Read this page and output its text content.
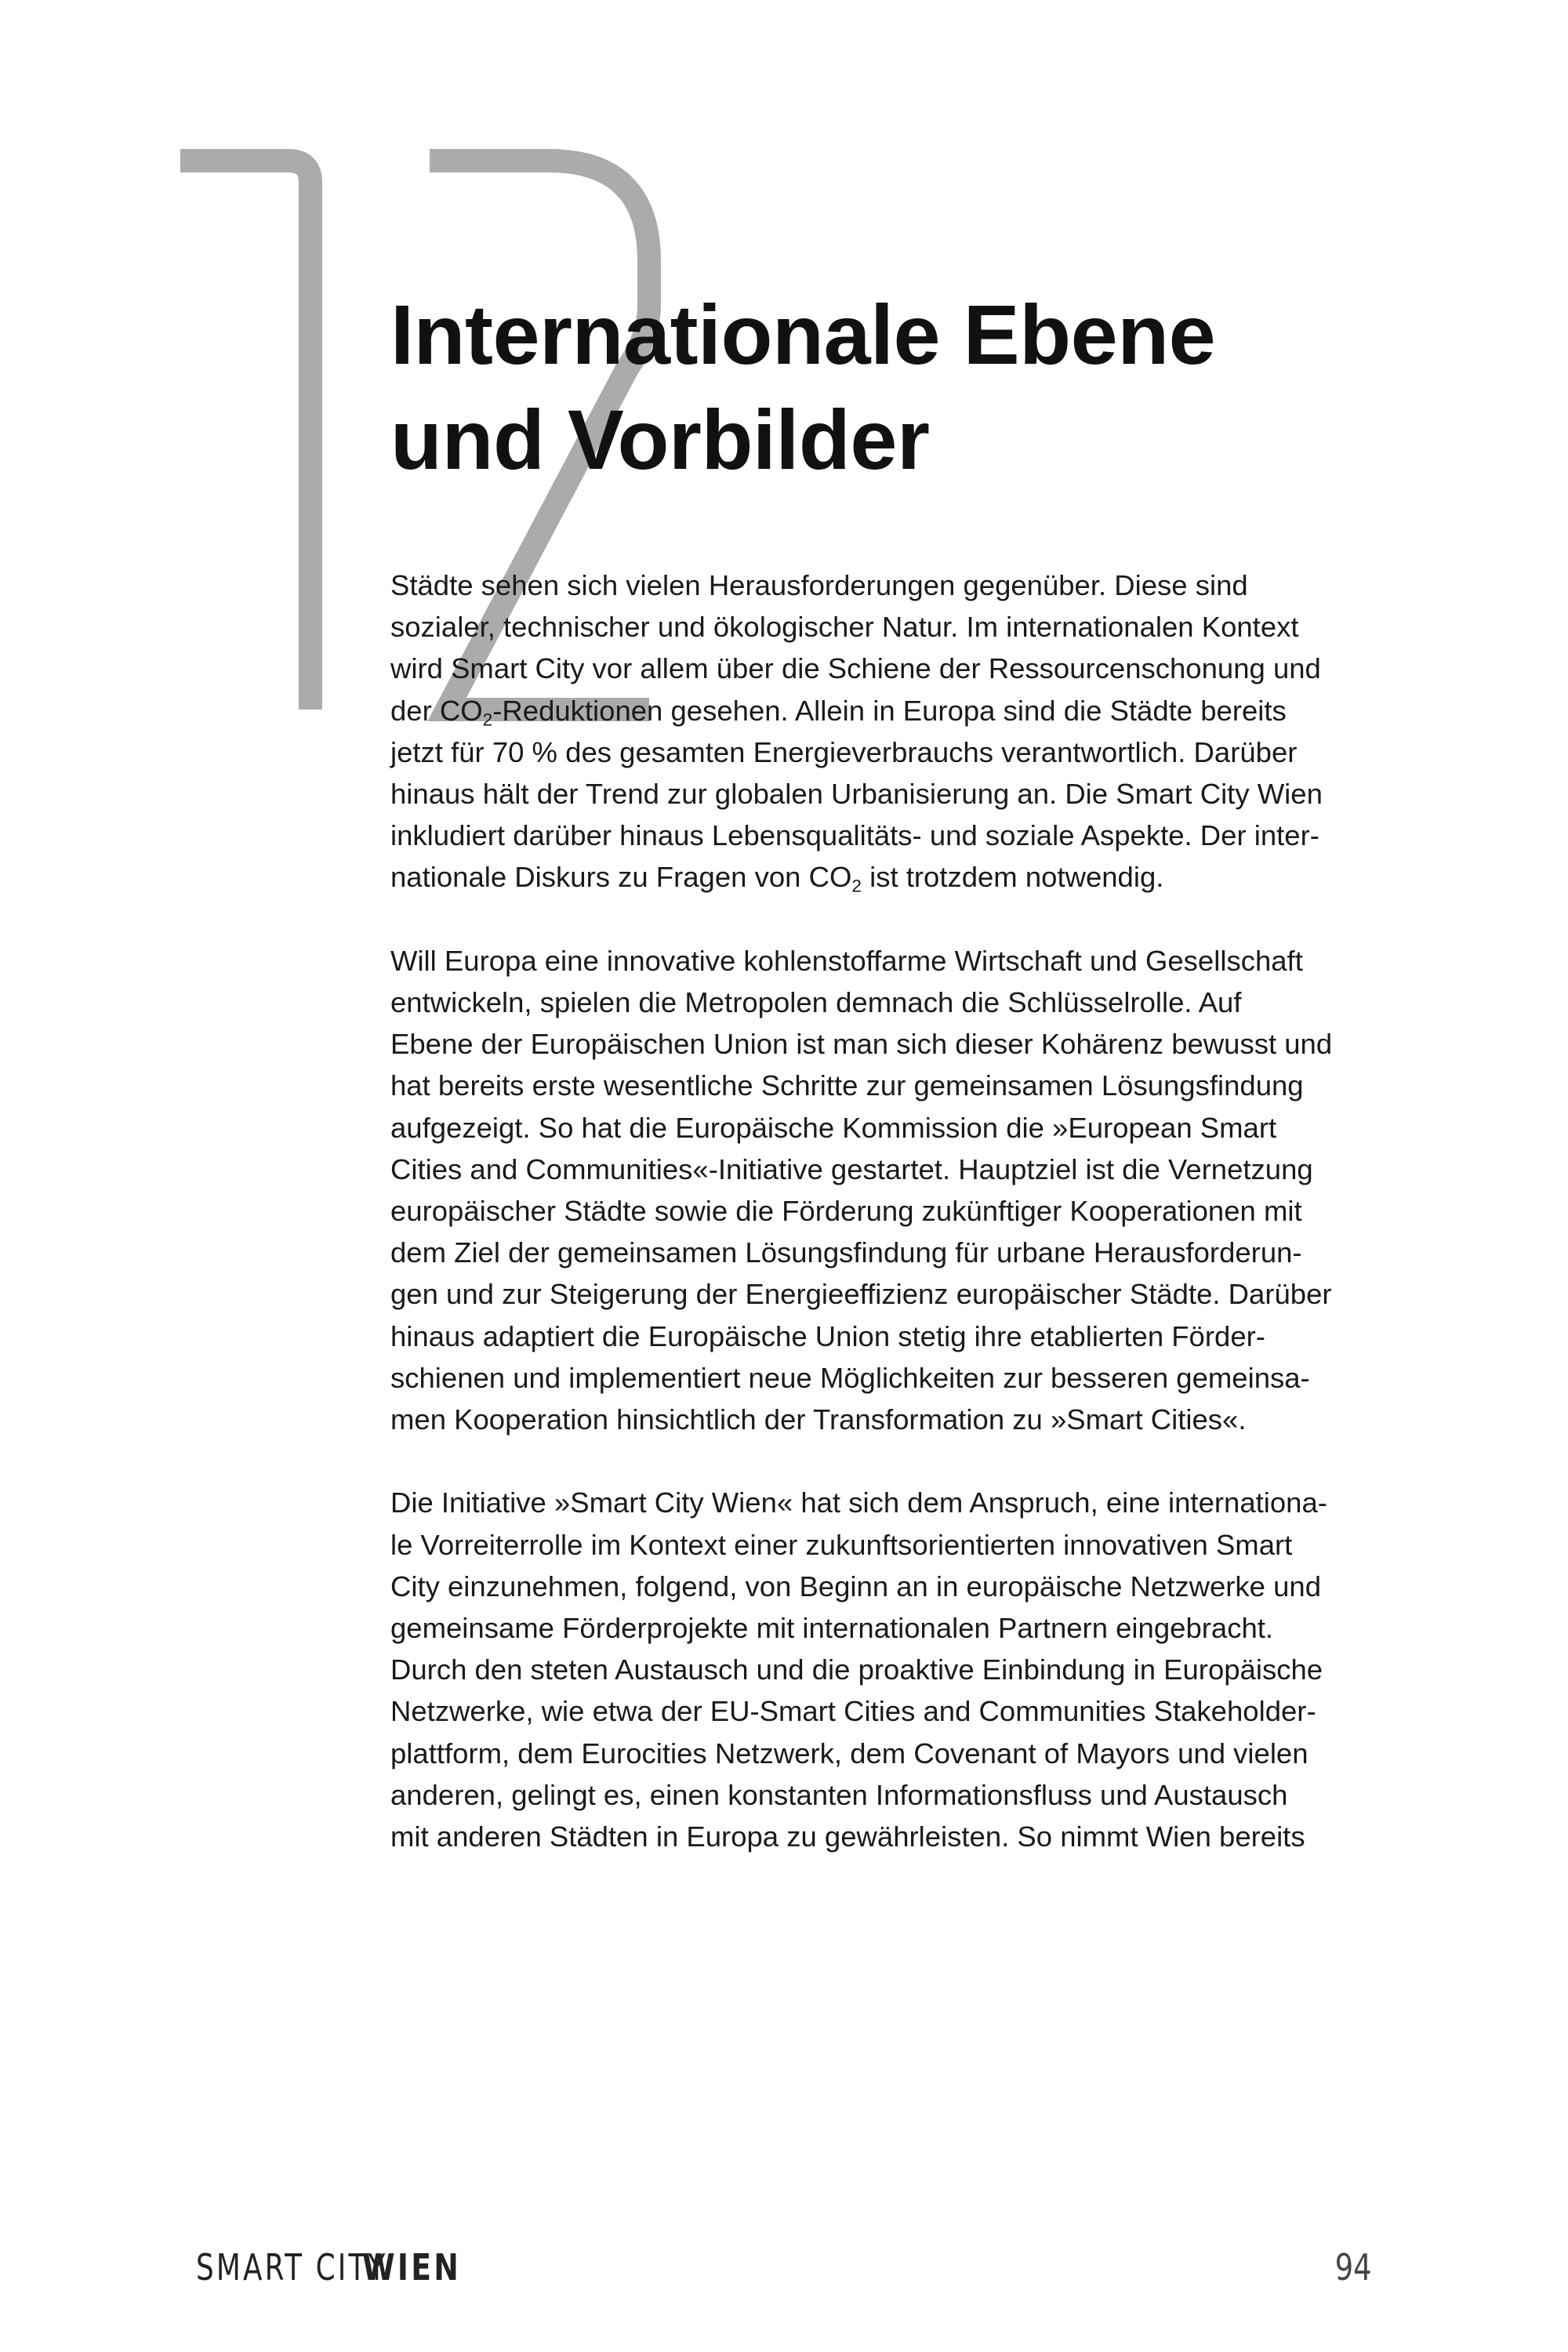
Internationale Ebene
und Vorbilder

Städte sehen sich vielen Herausforderungen gegenüber. Diese sind
sozialer, technischer und ökologischer Natur. Im internationalen Kontext
wird Smart City vor allem über die Schiene der Ressourcenschonung und
der $CO_2$-Reduktionen gesehen. Allein in Europa sind die Städte bereits
jetzt für 70 % des gesamten Energieverbrauchs verantwortlich. Darüber
hinaus hält der Trend zur globalen Urbanisierung an. Die Smart City Wien
inkludiert darüber hinaus Lebensqualitäts- und soziale Aspekte. Der inter-
nationale Diskurs zu Fragen von $CO_2$ ist trotzdem notwendig.

Will Europa eine innovative kohlenstoffarme Wirtschaft und Gesellschaft
entwickeln, spielen die Metropolen demnach die Schlüsselrolle. Auf
Ebene der Europäischen Union ist man sich dieser Kohärenz bewusst und
hat bereits erste wesentliche Schritte zur gemeinsamen Lösungsfindung
aufgezeigt. So hat die Europäische Kommission die »European Smart
Cities and Communities«-Initiative gestartet. Hauptziel ist die Vernetzung
europäischer Städte sowie die Förderung zukünftiger Kooperationen mit
dem Ziel der gemeinsamen Lösungsfindung für urbane Herausforderun-
gen und zur Steigerung der Energieeffizienz europäischer Städte. Darüber
hinaus adaptiert die Europäische Union stetig ihre etablierten Förder-
schienen und implementiert neue Möglichkeiten zur besseren gemeinsa-
men Kooperation hinsichtlich der Transformation zu »Smart Cities«.

Die Initiative »Smart City Wien« hat sich dem Anspruch, eine internationa-
le Vorreiterrolle im Kontext einer zukunftsorientierten innovativen Smart
City einzunehmen, folgend, von Beginn an in europäische Netzwerke und
gemeinsame Förderprojekte mit internationalen Partnern eingebracht.
Durch den steten Austausch und die proaktive Einbindung in Europäische
Netzwerke, wie etwa der EU-Smart Cities and Communities Stakeholder-
plattform, dem Eurocities Netzwerk, dem Covenant of Mayors und vielen
anderen, gelingt es, einen konstanten Informationsfluss und Austausch
mit anderen Städten in Europa zu gewährleisten. So nimmt Wien bereits

SMART CITY WIEN	94
